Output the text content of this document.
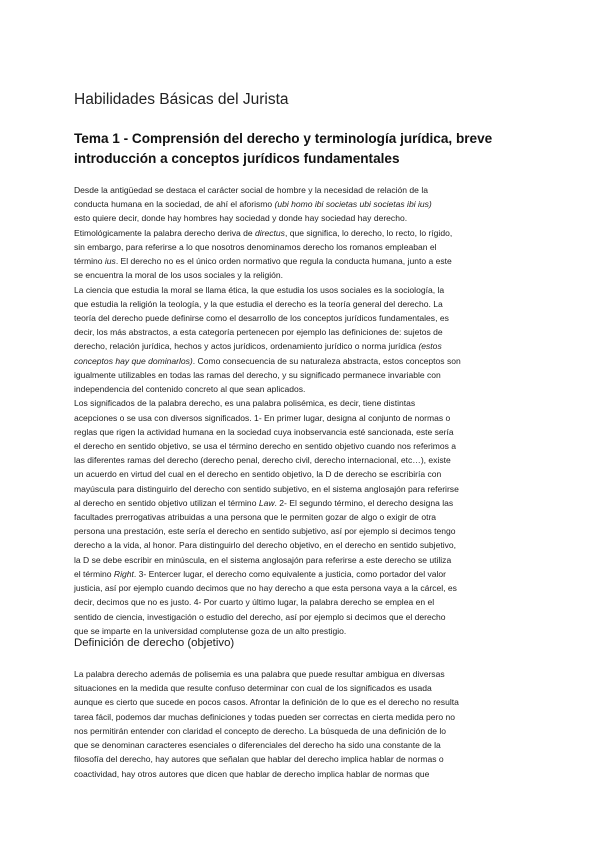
Habilidades Básicas del Jurista
Tema 1 - Comprensión del derecho y terminología jurídica, breve
introducción a conceptos jurídicos fundamentales
Desde la antigüedad se destaca el carácter social de hombre y la necesidad de relación de la
conducta humana en la sociedad, de ahí el aforismo (ubi homo ibi societas ubi societas ibi ius)
esto quiere decir, donde hay hombres hay sociedad y donde hay sociedad hay derecho.
Etimológicamente la palabra derecho deriva de directus, que significa, lo derecho, lo recto, lo rígido,
sin embargo, para referirse a lo que nosotros denominamos derecho los romanos empleaban el
término ius. El derecho no es el único orden normativo que regula la conducta humana, junto a este
se encuentra la moral de los usos sociales y la religión.
La ciencia que estudia la moral se llama ética, la que estudia los usos sociales es la sociología, la
que estudia la religión la teología, y la que estudia el derecho es la teoría general del derecho. La
teoría del derecho puede definirse como el desarrollo de los conceptos jurídicos fundamentales, es
decir, los más abstractos, a esta categoría pertenecen por ejemplo las definiciones de: sujetos de
derecho, relación jurídica, hechos y actos jurídicos, ordenamiento jurídico o norma jurídica (estos
conceptos hay que dominarlos). Como consecuencia de su naturaleza abstracta, estos conceptos son
igualmente utilizables en todas las ramas del derecho, y su significado permanece invariable con
independencia del contenido concreto al que sean aplicados.
Los significados de la palabra derecho, es una palabra polisémica, es decir, tiene distintas
acepciones o se usa con diversos significados. 1- En primer lugar, designa al conjunto de normas o
reglas que rigen la actividad humana en la sociedad cuya inobservancia esté sancionada, este sería
el derecho en sentido objetivo, se usa el término derecho en sentido objetivo cuando nos referimos a
las diferentes ramas del derecho (derecho penal, derecho civil, derecho internacional, etc…), existe
un acuerdo en virtud del cual en el derecho en sentido objetivo, la D de derecho se escribiría con
mayúscula para distinguirlo del derecho con sentido subjetivo, en el sistema anglosajón para referirse
al derecho en sentido objetivo utilizan el término Law. 2- El segundo término, el derecho designa las
facultades prerrogativas atribuidas a una persona que le permiten gozar de algo o exigir de otra
persona una prestación, este sería el derecho en sentido subjetivo, así por ejemplo si decimos tengo
derecho a la vida, al honor. Para distinguirlo del derecho objetivo, en el derecho en sentido subjetivo,
la D se debe escribir en minúscula, en el sistema anglosajón para referirse a este derecho se utiliza
el término Right. 3- Entercer lugar, el derecho como equivalente a justicia, como portador del valor
justicia, así por ejemplo cuando decimos que no hay derecho a que esta persona vaya a la cárcel, es
decir, decimos que no es justo. 4- Por cuarto y último lugar, la palabra derecho se emplea en el
sentido de ciencia, investigación o estudio del derecho, así por ejemplo si decimos que el derecho
que se imparte en la universidad complutense goza de un alto prestigio.
Definición de derecho (objetivo)
La palabra derecho además de polisemia es una palabra que puede resultar ambigua en diversas
situaciones en la medida que resulte confuso determinar con cual de los significados es usada
aunque es cierto que sucede en pocos casos. Afrontar la definición de lo que es el derecho no resulta
tarea fácil, podemos dar muchas definiciones y todas pueden ser correctas en cierta medida pero no
nos permitirán entender con claridad el concepto de derecho. La búsqueda de una definición de lo
que se denominan caracteres esenciales o diferenciales del derecho ha sido una constante de la
filosofía del derecho, hay autores que señalan que hablar del derecho implica hablar de normas o
coactividad, hay otros autores que dicen que hablar de derecho implica hablar de normas que
